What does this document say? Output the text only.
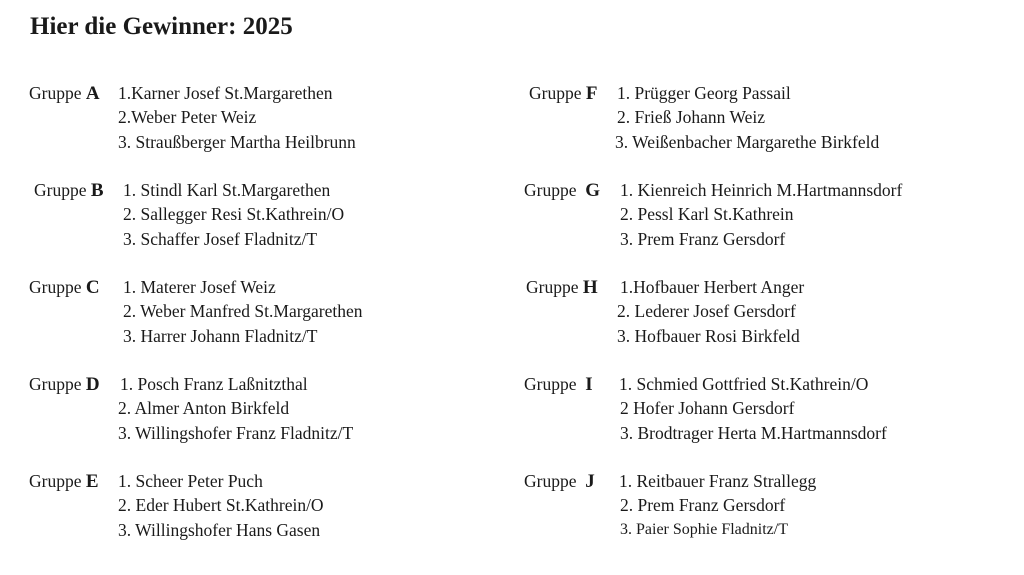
Hier die Gewinner: 2025
Gruppe A 1.Karner Josef St.Margarethen
2.Weber Peter Weiz
3. Straußberger Martha Heilbrunn
Gruppe B 1. Stindl Karl St.Margarethen
2. Sallegger Resi St.Kathrein/O
3. Schaffer Josef Fladnitz/T
Gruppe C 1. Materer Josef Weiz
2. Weber Manfred St.Margarethen
3. Harrer Johann Fladnitz/T
Gruppe D 1. Posch Franz Laßnitzthal
2. Almer Anton Birkfeld
3. Willingshofer Franz Fladnitz/T
Gruppe E 1. Scheer Peter Puch
2. Eder Hubert St.Kathrein/O
3. Willingshofer Hans Gasen
Gruppe F 1. Prügger Georg Passail
2. Frieß Johann Weiz
3. Weißenbacher Margarethe Birkfeld
Gruppe G 1. Kienreich Heinrich M.Hartmannsdorf
2. Pessl Karl St.Kathrein
3. Prem Franz Gersdorf
Gruppe H 1.Hofbauer Herbert Anger
2. Lederer Josef Gersdorf
3. Hofbauer Rosi Birkfeld
Gruppe I 1. Schmied Gottfried St.Kathrein/O
2 Hofer Johann Gersdorf
3. Brodtrager Herta M.Hartmannsdorf
Gruppe J 1. Reitbauer Franz Strallegg
2. Prem Franz Gersdorf
3. Paier Sophie Fladnitz/T
